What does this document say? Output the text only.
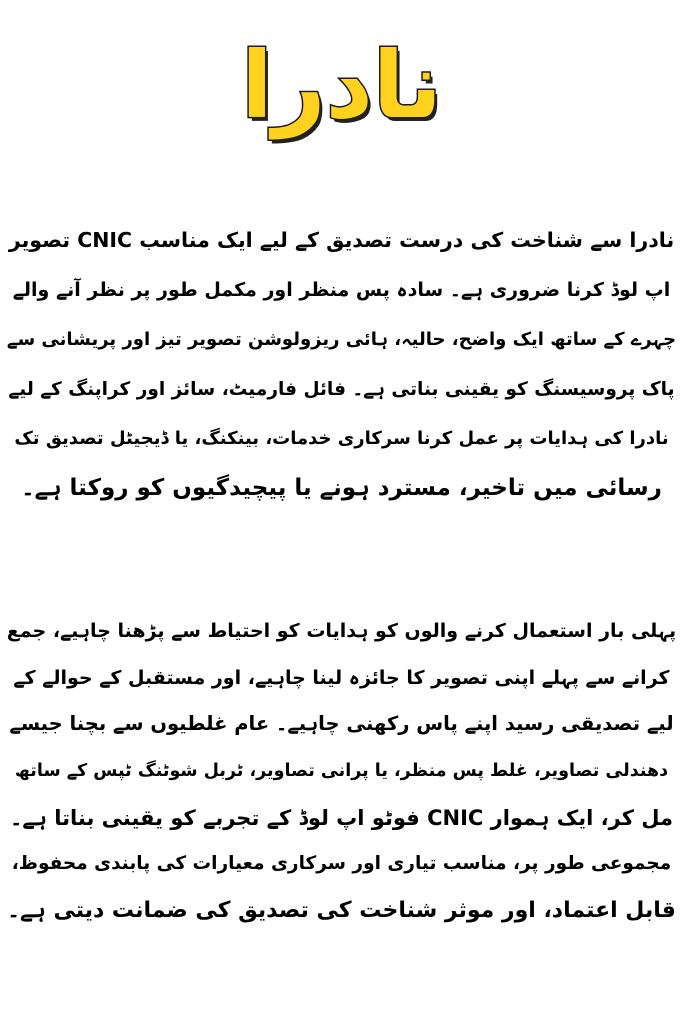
نادرا
نادرا سے شناخت کی درست تصدیق کے لیے ایک مناسب CNIC تصویر
اپ لوڈ کرنا ضروری ہے۔ سادہ پس منظر اور مکمل طور پر نظر آنے والے
چہرے کے ساتھ ایک واضح، حالیہ، ہائی ریزولوشن تصویر تیز اور پریشانی سے
پاک پروسیسنگ کو یقینی بناتی ہے۔ فائل فارمیٹ، سائز اور کراپنگ کے لیے
نادرا کی ہدایات پر عمل کرنا سرکاری خدمات، بینکنگ، یا ڈیجیٹل تصدیق تک
رسائی میں تاخیر، مسترد ہونے یا پیچیدگیوں کو روکتا ہے۔
پہلی بار استعمال کرنے والوں کو ہدایات کو احتیاط سے پڑھنا چاہیے، جمع
کرانے سے پہلے اپنی تصویر کا جائزہ لینا چاہیے، اور مستقبل کے حوالے کے
لیے تصدیقی رسید اپنے پاس رکھنی چاہیے۔ عام غلطیوں سے بچنا جیسے
دھندلی تصاویر، غلط پس منظر، یا پرانی تصاویر، ٹربل شوٹنگ ٹپس کے ساتھ
مل کر، ایک ہموار CNIC فوٹو اپ لوڈ کے تجربے کو یقینی بناتا ہے۔
مجموعی طور پر، مناسب تیاری اور سرکاری معیارات کی پابندی محفوظ،
قابل اعتماد، اور موثر شناخت کی تصدیق کی ضمانت دیتی ہے۔
